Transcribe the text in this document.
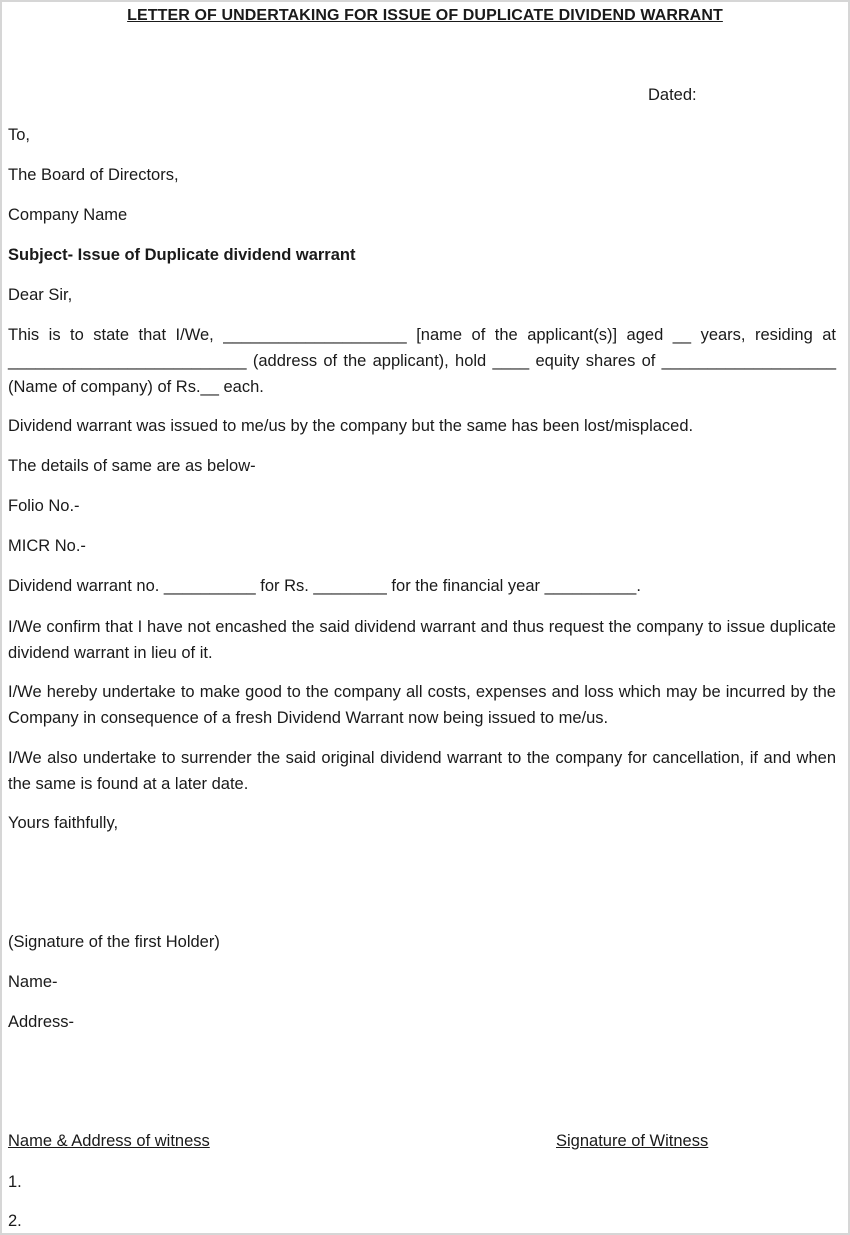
LETTER OF UNDERTAKING FOR ISSUE OF DUPLICATE DIVIDEND WARRANT
Dated:
To,
The Board of Directors,
Company Name
Subject- Issue of Duplicate dividend warrant
Dear Sir,
This is to state that I/We, ____________________ [name of the applicant(s)] aged __ years, residing at __________________________ (address of the applicant), hold ____ equity shares of ___________________ (Name of company) of Rs.__ each.
Dividend warrant was issued to me/us by the company but the same has been lost/misplaced.
The details of same are as below-
Folio No.-
MICR No.-
Dividend warrant no. __________ for Rs. ________ for the financial year __________.
I/We confirm that I have not encashed the said dividend warrant and thus request the company to issue duplicate dividend warrant in lieu of it.
I/We hereby undertake to make good to the company all costs, expenses and loss which may be incurred by the Company in consequence of a fresh Dividend Warrant now being issued to me/us.
I/We also undertake to surrender the said original dividend warrant to the company for cancellation, if and when the same is found at a later date.
Yours faithfully,
(Signature of the first Holder)
Name-
Address-
Name & Address of witness	Signature of Witness
1.
2.
